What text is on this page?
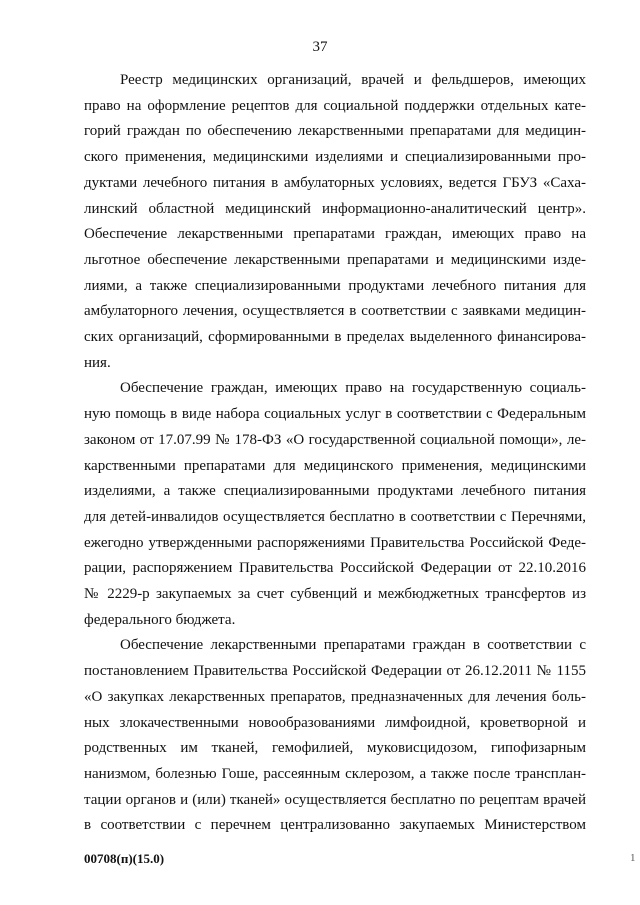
37

Реестр медицинских организаций, врачей и фельдшеров, имеющих
право на оформление рецептов для социальной поддержки отдельных кате-
горий граждан по обеспечению лекарственными препаратами для медицин-
ского применения, медицинскими изделиями и специализированными про-
дуктами лечебного питания в амбулаторных условиях, ведется ГБУЗ «Саха-
линский областной медицинский информационно-аналитический центр».
Обеспечение лекарственными препаратами граждан, имеющих право на
льготное обеспечение лекарственными препаратами и медицинскими изде-
лиями, а также специализированными продуктами лечебного питания для
амбулаторного лечения, осуществляется в соответствии с заявками медицин-
ских организаций, сформированными в пределах выделенного финансирова-
ния.

Обеспечение граждан, имеющих право на государственную социаль-
ную помощь в виде набора социальных услуг в соответствии с Федеральным
законом от 17.07.99 № 178-ФЗ «О государственной социальной помощи», ле-
карственными препаратами для медицинского применения, медицинскими
изделиями, а также специализированными продуктами лечебного питания
для детей-инвалидов осуществляется бесплатно в соответствии с Перечнями,
ежегодно утвержденными распоряжениями Правительства Российской Феде-
рации, распоряжением Правительства Российской Федерации от 22.10.2016
№ 2229-р закупаемых за счет субвенций и межбюджетных трансфертов из
федерального бюджета.

Обеспечение лекарственными препаратами граждан в соответствии с
постановлением Правительства Российской Федерации от 26.12.2011 № 1155
«О закупках лекарственных препаратов, предназначенных для лечения боль-
ных злокачественными новообразованиями лимфоидной, кроветворной и
родственных им тканей, гемофилией, муковисцидозом, гипофизарным
нанизмом, болезнью Гоше, рассеянным склерозом, а также после трансплан-
тации органов и (или) тканей» осуществляется бесплатно по рецептам врачей
в соответствии с перечнем централизованно закупаемых Министерством

00708(п)(15.0)	1
